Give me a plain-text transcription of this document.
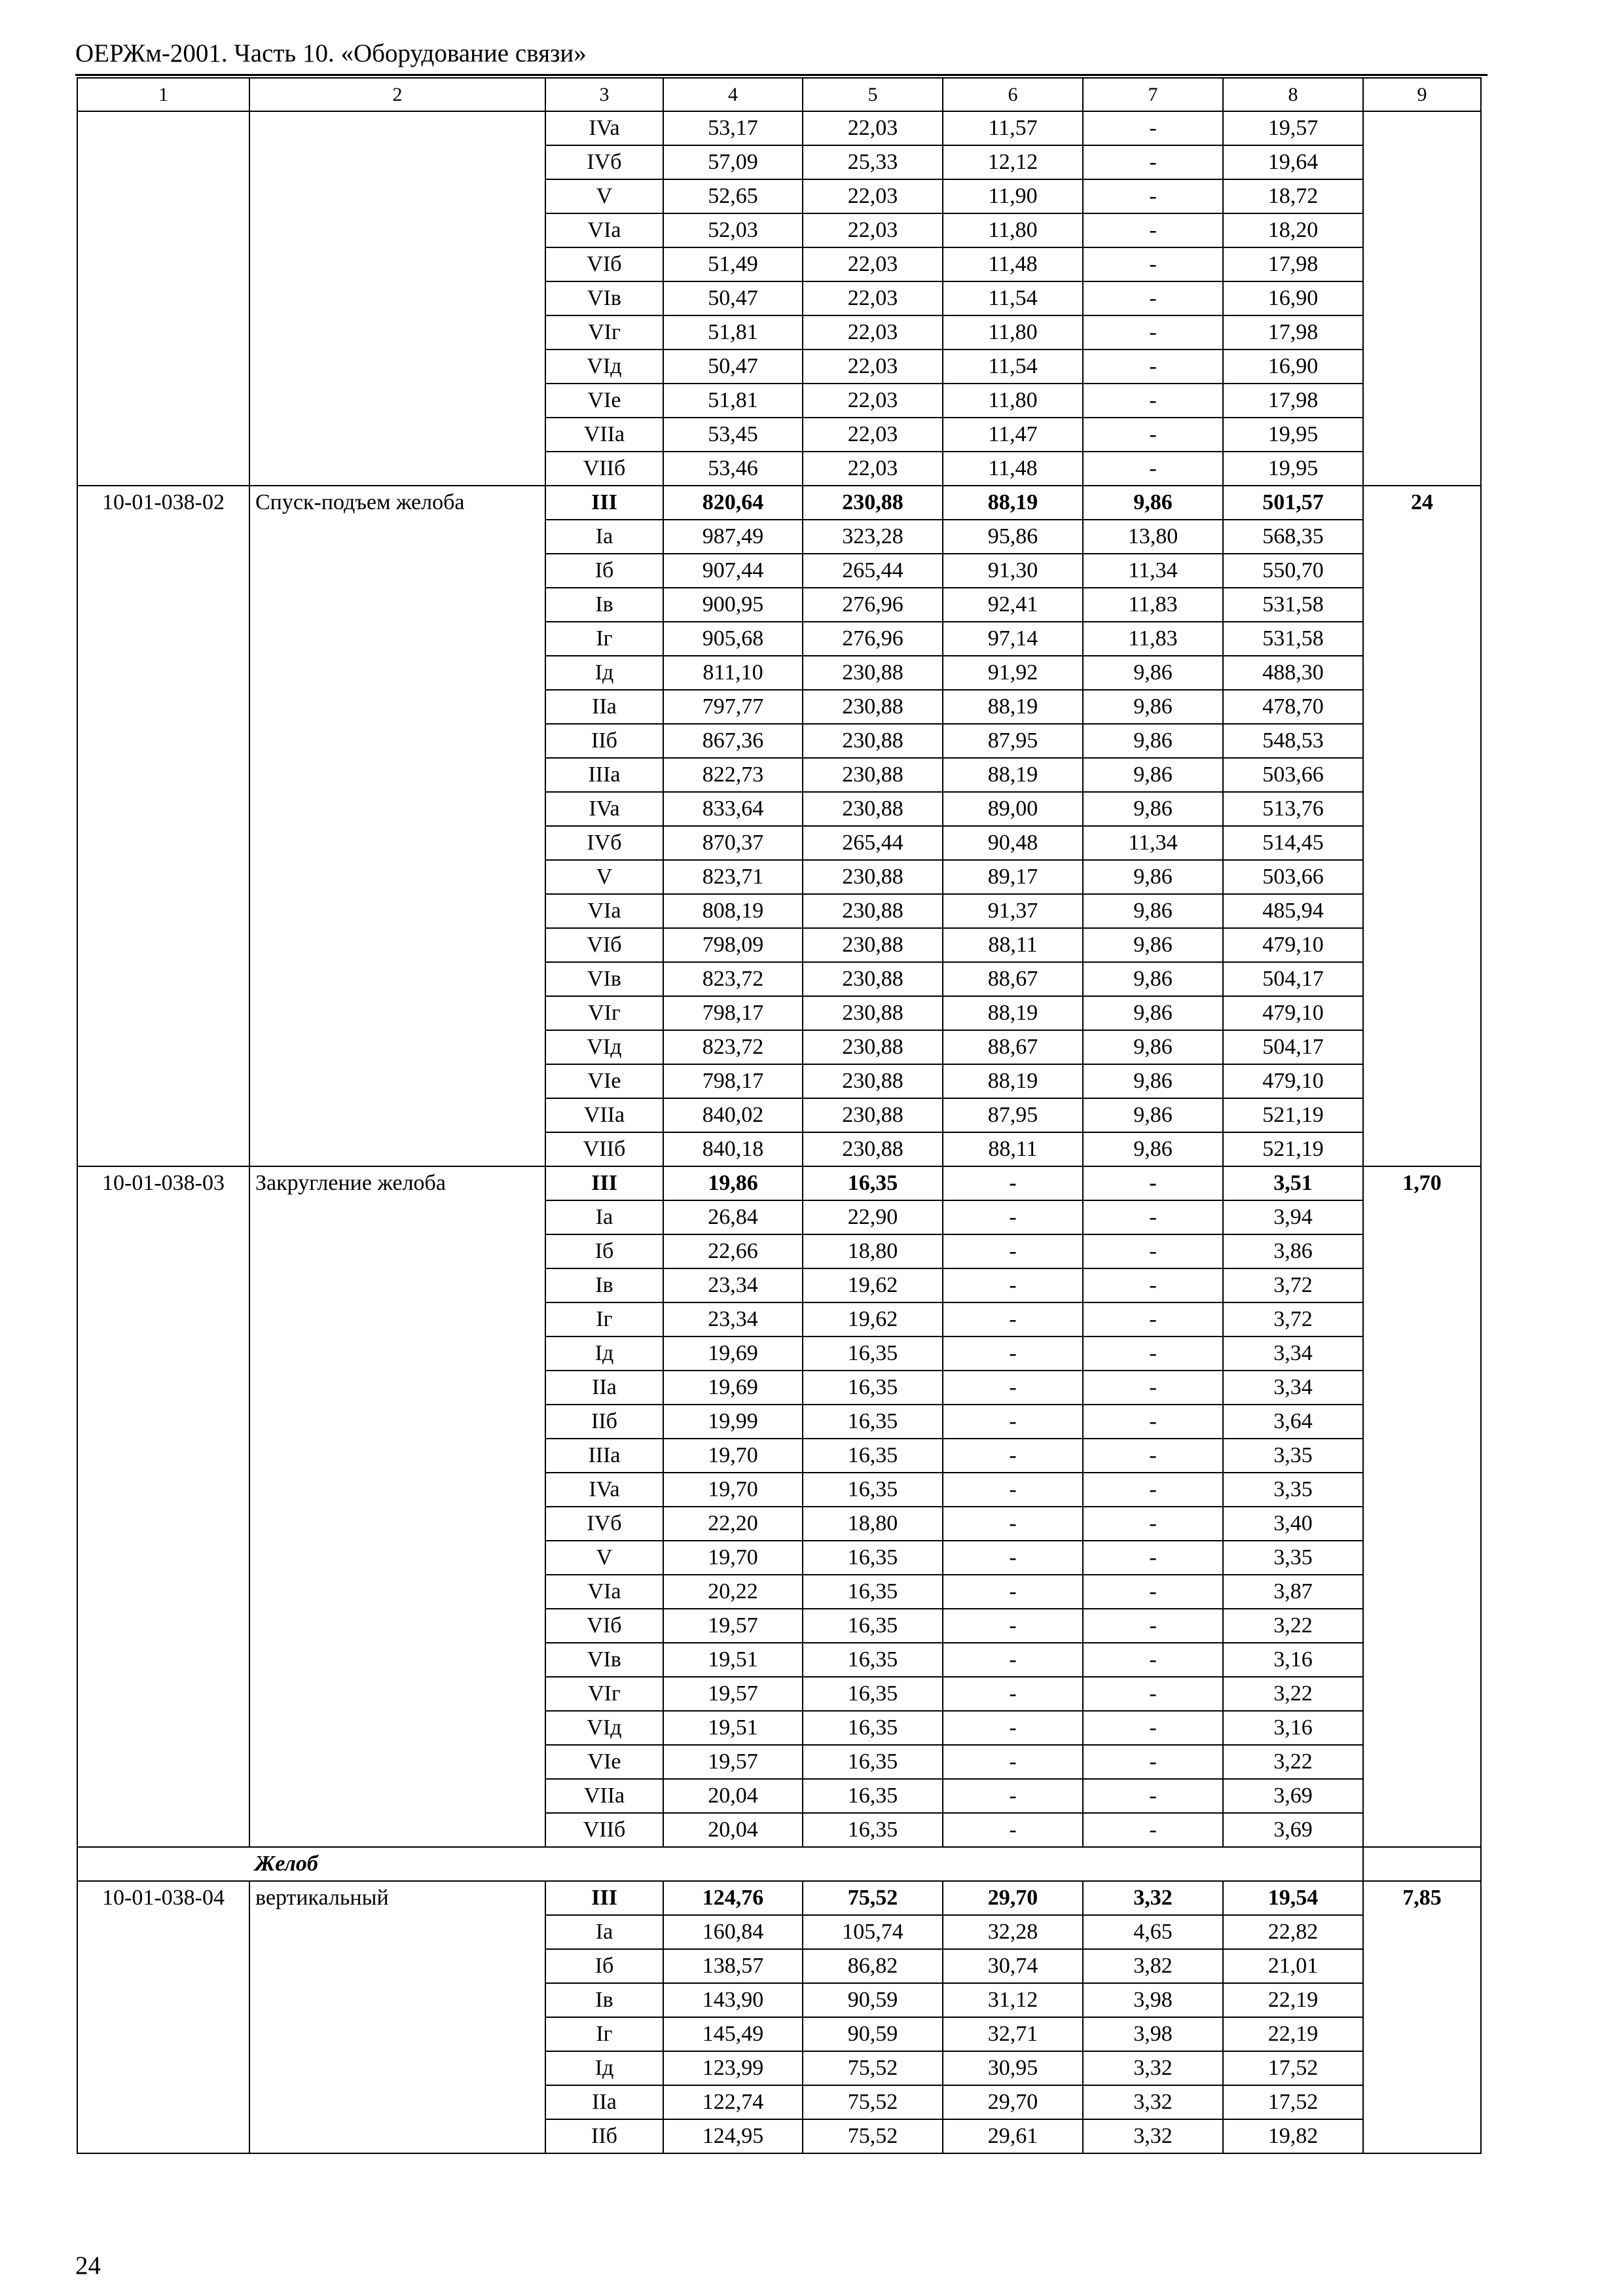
ОЕРЖм-2001. Часть 10. «Оборудование связи»
1	2	3	4	5	6	7	8	9
		IVa	53,17	22,03	11,57	-	19,57	
		IVб	57,09	25,33	12,12	-	19,64	
		V	52,65	22,03	11,90	-	18,72	
		VIa	52,03	22,03	11,80	-	18,20	
		VIб	51,49	22,03	11,48	-	17,98	
		VIв	50,47	22,03	11,54	-	16,90	
		VIг	51,81	22,03	11,80	-	17,98	
		VIд	50,47	22,03	11,54	-	16,90	
		VIе	51,81	22,03	11,80	-	17,98	
		VIIa	53,45	22,03	11,47	-	19,95	
		VIIб	53,46	22,03	11,48	-	19,95	
10-01-038-02	Спуск-подъем желоба	III	820,64	230,88	88,19	9,86	501,57	24
		Ia	987,49	323,28	95,86	13,80	568,35	
		Iб	907,44	265,44	91,30	11,34	550,70	
		Iв	900,95	276,96	92,41	11,83	531,58	
		Iг	905,68	276,96	97,14	11,83	531,58	
		Iд	811,10	230,88	91,92	9,86	488,30	
		IIa	797,77	230,88	88,19	9,86	478,70	
		IIб	867,36	230,88	87,95	9,86	548,53	
		IIIa	822,73	230,88	88,19	9,86	503,66	
		IVa	833,64	230,88	89,00	9,86	513,76	
		IVб	870,37	265,44	90,48	11,34	514,45	
		V	823,71	230,88	89,17	9,86	503,66	
		VIa	808,19	230,88	91,37	9,86	485,94	
		VIб	798,09	230,88	88,11	9,86	479,10	
		VIв	823,72	230,88	88,67	9,86	504,17	
		VIг	798,17	230,88	88,19	9,86	479,10	
		VIд	823,72	230,88	88,67	9,86	504,17	
		VIе	798,17	230,88	88,19	9,86	479,10	
		VIIa	840,02	230,88	87,95	9,86	521,19	
		VIIб	840,18	230,88	88,11	9,86	521,19	
10-01-038-03	Закругление желоба	III	19,86	16,35	-	-	3,51	1,70
		Ia	26,84	22,90	-	-	3,94	
		Iб	22,66	18,80	-	-	3,86	
		Iв	23,34	19,62	-	-	3,72	
		Iг	23,34	19,62	-	-	3,72	
		Iд	19,69	16,35	-	-	3,34	
		IIa	19,69	16,35	-	-	3,34	
		IIб	19,99	16,35	-	-	3,64	
		IIIa	19,70	16,35	-	-	3,35	
		IVa	19,70	16,35	-	-	3,35	
		IVб	22,20	18,80	-	-	3,40	
		V	19,70	16,35	-	-	3,35	
		VIa	20,22	16,35	-	-	3,87	
		VIб	19,57	16,35	-	-	3,22	
		VIв	19,51	16,35	-	-	3,16	
		VIг	19,57	16,35	-	-	3,22	
		VIд	19,51	16,35	-	-	3,16	
		VIе	19,57	16,35	-	-	3,22	
		VIIa	20,04	16,35	-	-	3,69	
		VIIб	20,04	16,35	-	-	3,69	
Желоб								
10-01-038-04	вертикальный	III	124,76	75,52	29,70	3,32	19,54	7,85
		Ia	160,84	105,74	32,28	4,65	22,82	
		Iб	138,57	86,82	30,74	3,82	21,01	
		Iв	143,90	90,59	31,12	3,98	22,19	
		Iг	145,49	90,59	32,71	3,98	22,19	
		Iд	123,99	75,52	30,95	3,32	17,52	
		IIa	122,74	75,52	29,70	3,32	17,52	
		IIб	124,95	75,52	29,61	3,32	19,82	
24
